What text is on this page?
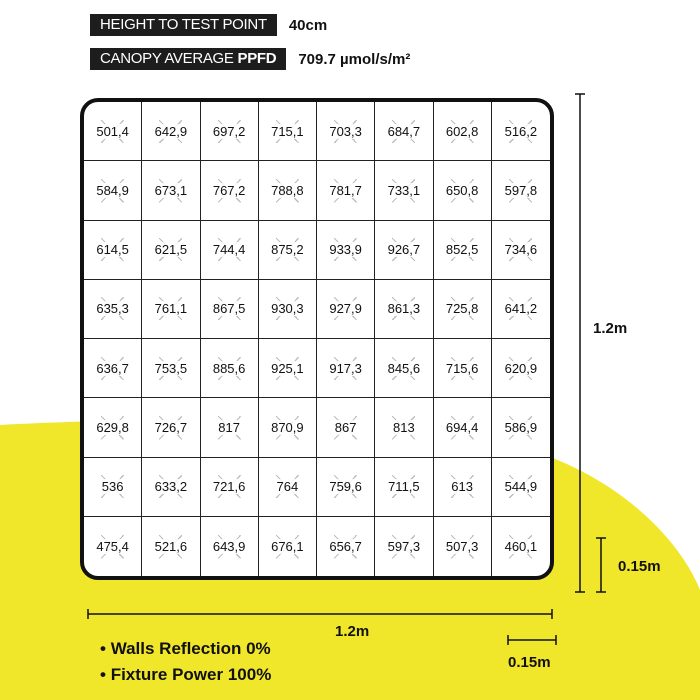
HEIGHT TO TEST POINT	40cm
CANOPY AVERAGE PPFD	709.7 µmol/s/m²
501,4 642,9 697,2 715,1 703,3 684,7 602,8 516,2
584,9 673,1 767,2 788,8 781,7 733,1 650,8 597,8
614,5 621,5 744,4 875,2 933,9 926,7 852,5 734,6
635,3 761,1 867,5 930,3 927,9 861,3 725,8 641,2
636,7 753,5 885,6 925,1 917,3 845,6 715,6 620,9
629,8 726,7 817 870,9 867	813 694,4 586,9
536 633,2 721,6 764 759,6 711,5 613 544,9
475,4 521,6 643,9 676,1 656,7 597,3 507,3 460,1
1.2m
0.15m
1.2m
0.15m
• Walls Reflection 0%
• Fixture Power 100%
